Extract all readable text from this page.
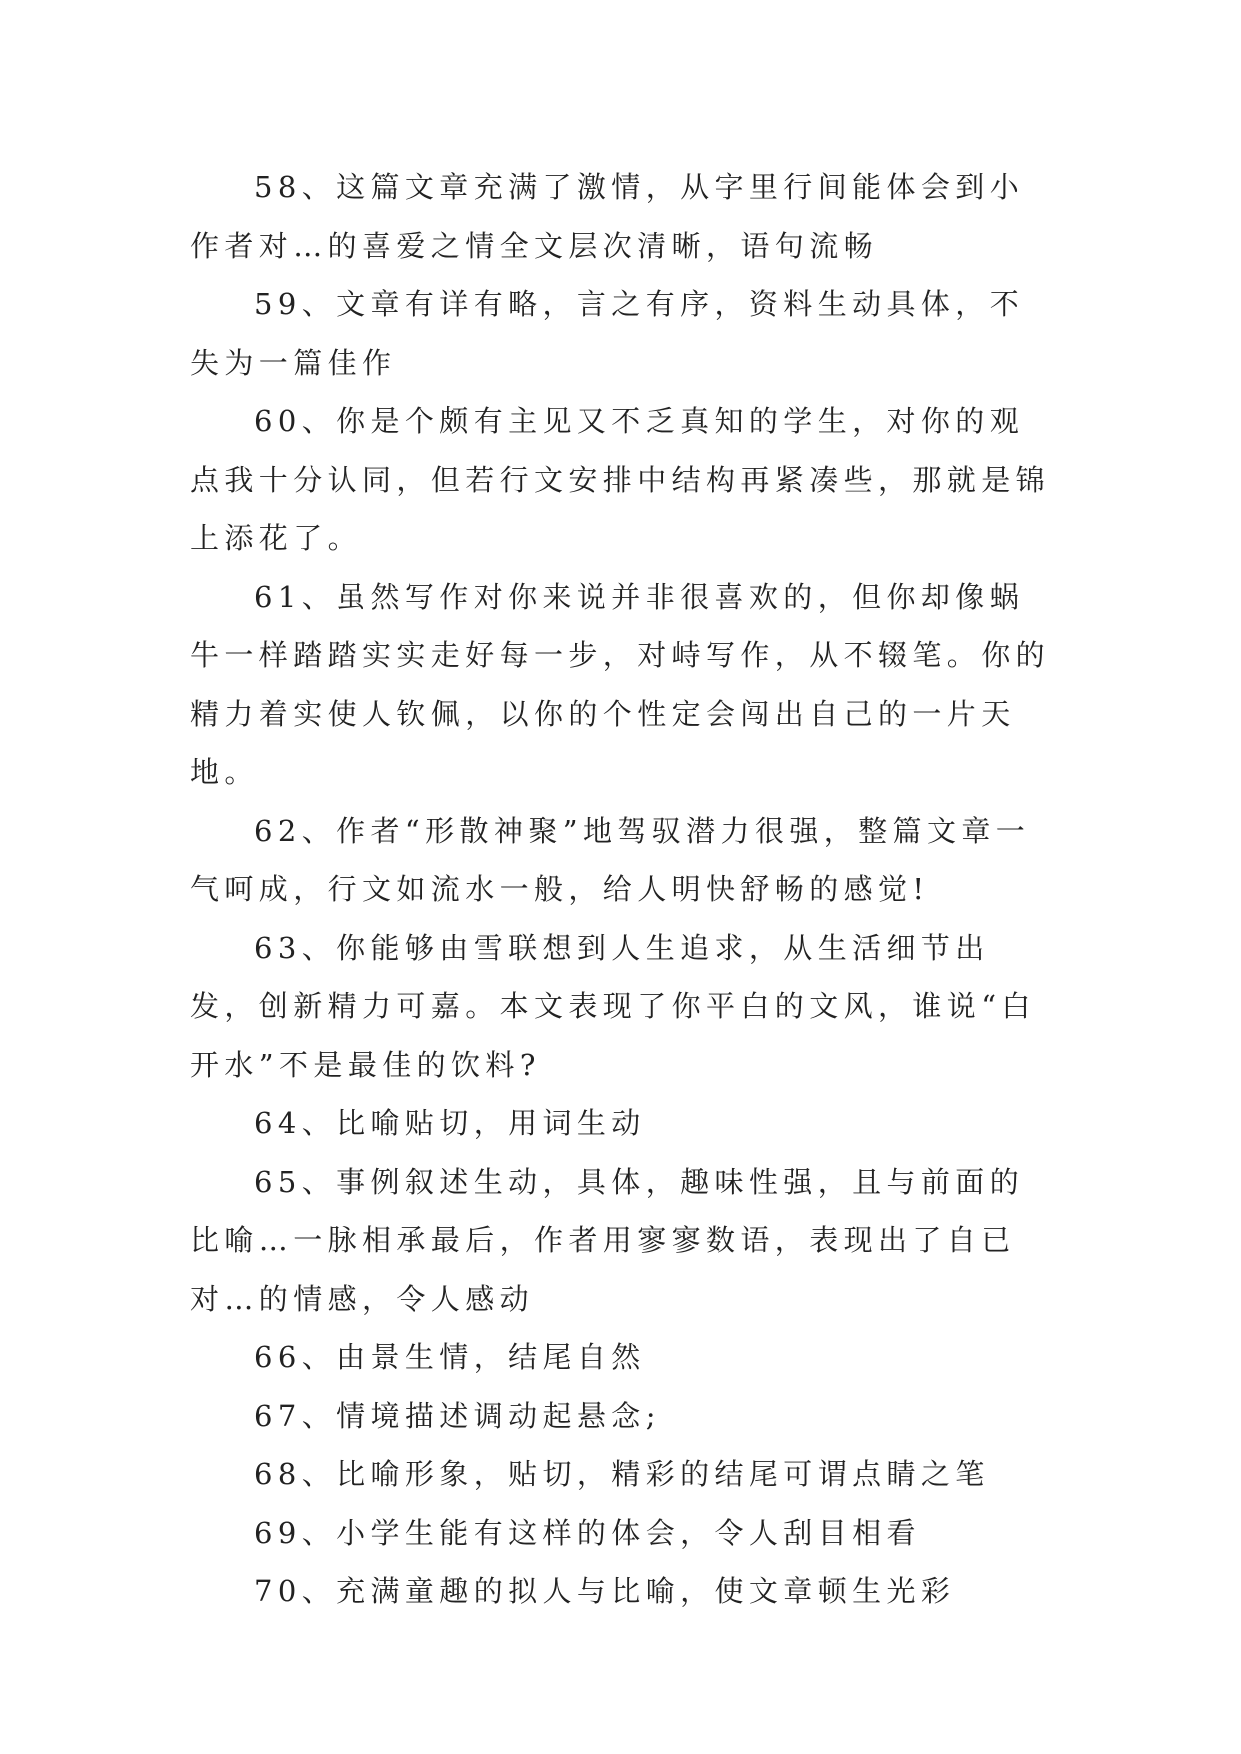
58、这篇文章充满了激情，从字里行间能体会到小作者对…的喜爱之情全文层次清晰，语句流畅

59、文章有详有略，言之有序，资料生动具体，不失为一篇佳作

60、你是个颇有主见又不乏真知的学生，对你的观点我十分认同，但若行文安排中结构再紧凑些，那就是锦上添花了。

61、虽然写作对你来说并非很喜欢的，但你却像蜗牛一样踏踏实实走好每一步，对峙写作，从不辍笔。你的精力着实使人钦佩，以你的个性定会闯出自己的一片天地。

62、作者“形散神聚”地驾驭潜力很强，整篇文章一气呵成，行文如流水一般，给人明快舒畅的感觉!

63、你能够由雪联想到人生追求，从生活细节出发，创新精力可嘉。本文表现了你平白的文风，谁说“白开水”不是最佳的饮料?

64、比喻贴切，用词生动

65、事例叙述生动，具体，趣味性强，且与前面的比喻…一脉相承最后，作者用寥寥数语，表现出了自已对…的情感，令人感动

66、由景生情，结尾自然

67、情境描述调动起悬念;

68、比喻形象，贴切，精彩的结尾可谓点睛之笔

69、小学生能有这样的体会，令人刮目相看

70、充满童趣的拟人与比喻，使文章顿生光彩
